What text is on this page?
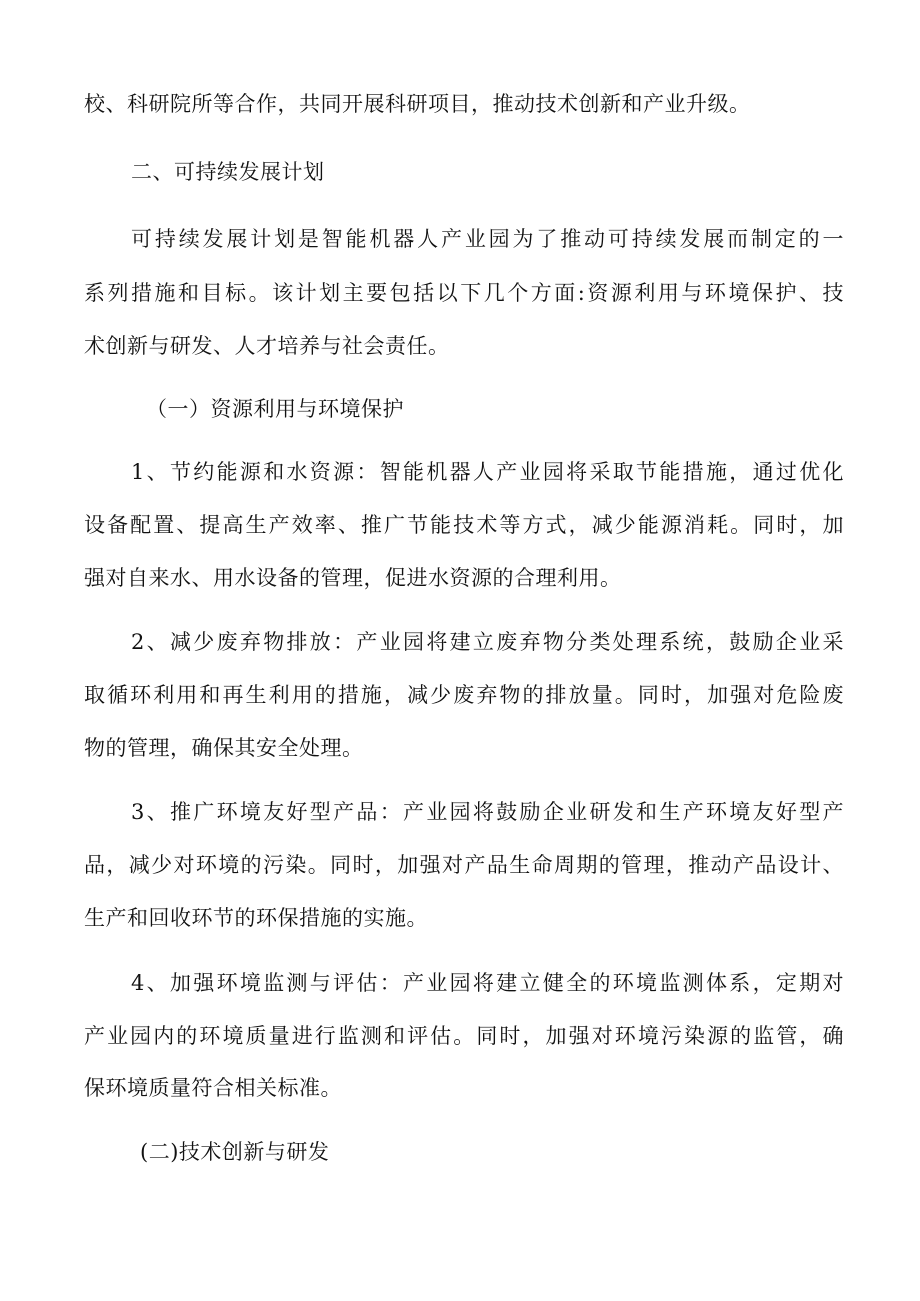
校、科研院所等合作，共同开展科研项目，推动技术创新和产业升级。
二、可持续发展计划
可持续发展计划是智能机器人产业园为了推动可持续发展而制定的一
系列措施和目标。该计划主要包括以下几个方面:资源利用与环境保护、技
术创新与研发、人才培养与社会责任。
（一）资源利用与环境保护
1、节约能源和水资源：智能机器人产业园将采取节能措施，通过优化
设备配置、提高生产效率、推广节能技术等方式，减少能源消耗。同时，加
强对自来水、用水设备的管理，促进水资源的合理利用。
2、减少废弃物排放：产业园将建立废弃物分类处理系统，鼓励企业采
取循环利用和再生利用的措施，减少废弃物的排放量。同时，加强对危险废
物的管理，确保其安全处理。
3、推广环境友好型产品：产业园将鼓励企业研发和生产环境友好型产
品，减少对环境的污染。同时，加强对产品生命周期的管理，推动产品设计、
生产和回收环节的环保措施的实施。
4、加强环境监测与评估：产业园将建立健全的环境监测体系，定期对
产业园内的环境质量进行监测和评估。同时，加强对环境污染源的监管，确
保环境质量符合相关标准。
(二)技术创新与研发
